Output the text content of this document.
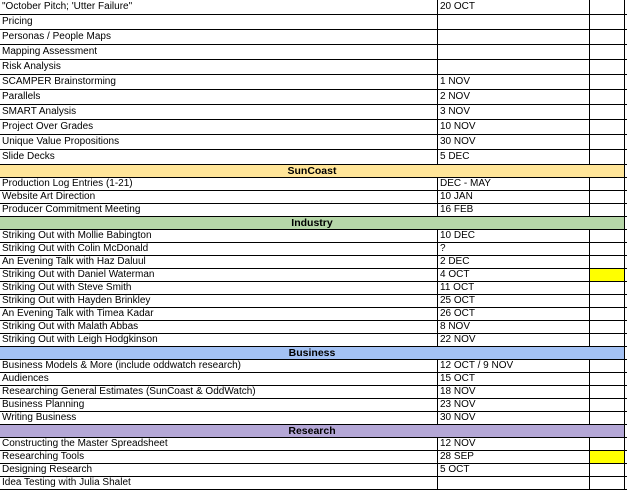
"October Pitch; 'Utter Failure"	20 OCT
Pricing
Personas / People Maps
Mapping Assessment
Risk Analysis
SCAMPER Brainstorming	1 NOV
Parallels	2 NOV
SMART Analysis	3 NOV
Project Over Grades	10 NOV
Unique Value Propositions	30 NOV
Slide Decks	5 DEC
SunCoast
Production Log Entries (1-21)	DEC - MAY
Website Art Direction	10 JAN
Producer Commitment Meeting	16 FEB
Industry
Striking Out with Mollie Babington	10 DEC
Striking Out with Colin McDonald	?
An Evening Talk with Haz Daluul	2 DEC
Striking Out with Daniel Waterman	4 OCT
Striking Out with Steve Smith	11 OCT
Striking Out with Hayden Brinkley	25 OCT
An Evening Talk with Timea Kadar	26 OCT
Striking Out with Malath Abbas	8 NOV
Striking Out with Leigh Hodgkinson	22 NOV
Business
Business Models & More (include oddwatch research)	12 OCT / 9 NOV
Audiences	15 OCT
Researching General Estimates (SunCoast & OddWatch)	18 NOV
Business Planning	23 NOV
Writing Business	30 NOV
Research
Constructing the Master Spreadsheet	12 NOV
Researching Tools	28 SEP
Designing Research	5 OCT
Idea Testing with Julia Shalet
